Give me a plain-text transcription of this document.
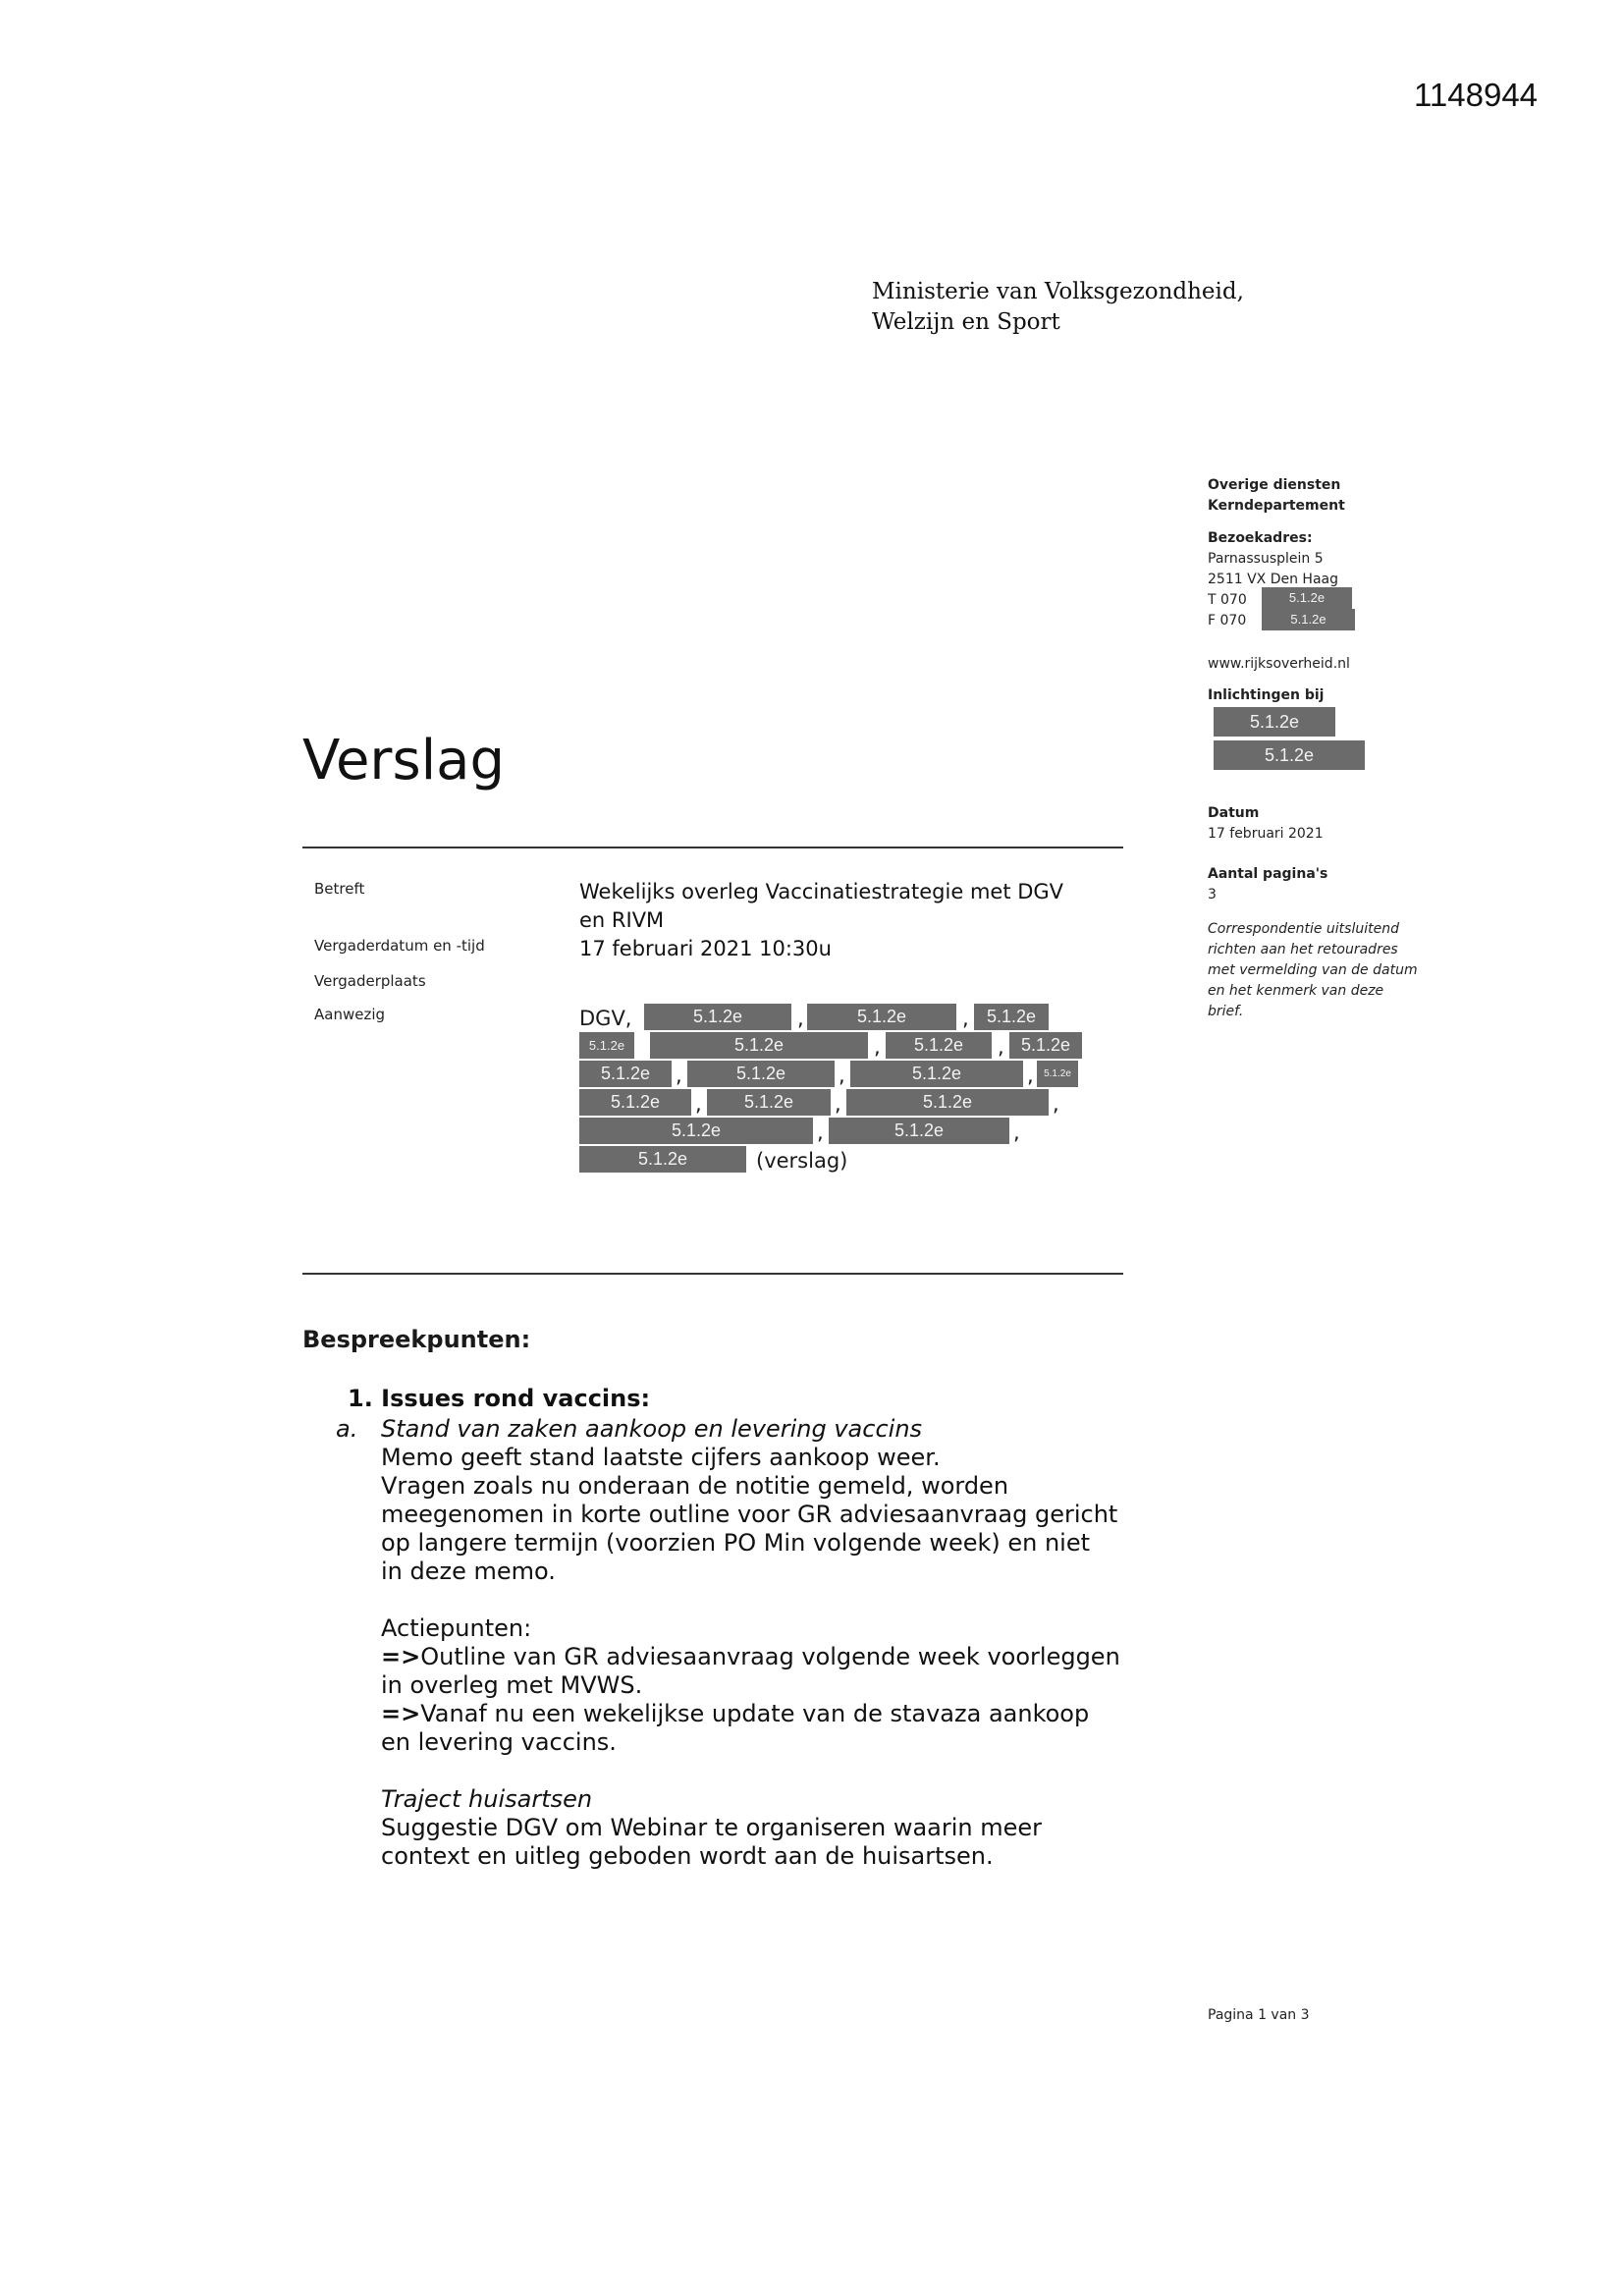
1148944
Ministerie van Volksgezondheid,
Welzijn en Sport
Overige diensten
Kerndepartement
Bezoekadres:
Parnassusplein 5
2511 VX Den Haag
T 070	5.1.2e
F 070	5.1.2e
www.rijksoverheid.nl
Inlichtingen bij
5.1.2e
5.1.2e
Datum
17 februari 2021
Aantal pagina's
3
Correspondentie uitsluitend
richten aan het retouradres
met vermelding van de datum
en het kenmerk van deze
brief.
Verslag
Betreft	Wekelijks overleg Vaccinatiestrategie met DGV
en RIVM
Vergaderdatum en -tijd	17 februari 2021 10:30u
Vergaderplaats
Aanwezig	DGV,	5.1.2e	,	5.1.2e	,	5.1.2e
5.1.2e	5.1.2e	,	5.1.2e	, 5.1.2e
5.1.2e	,	5.1.2e	,	5.1.2e	,	5.1.2e
5.1.2e	,	5.1.2e	,	5.1.2e	,
5.1.2e	,	5.1.2e	,
5.1.2e	(verslag)
Bespreekpunten:

1. Issues rond vaccins:

a. Stand van zaken aankoop en levering vaccins

Memo geeft stand laatste cijfers aankoop weer.

Vragen zoals nu onderaan de notitie gemeld, worden

meegenomen in korte outline voor GR adviesaanvraag gericht

op langere termijn (voorzien PO Min volgende week) en niet

in deze memo.

Actiepunten:

=>Outline van GR adviesaanvraag volgende week voorleggen

in overleg met MVWS.

=>Vanaf nu een wekelijkse update van de stavaza aankoop

en levering vaccins.

Traject huisartsen

Suggestie DGV om Webinar te organiseren waarin meer

context en uitleg geboden wordt aan de huisartsen.

Pagina 1 van 3
